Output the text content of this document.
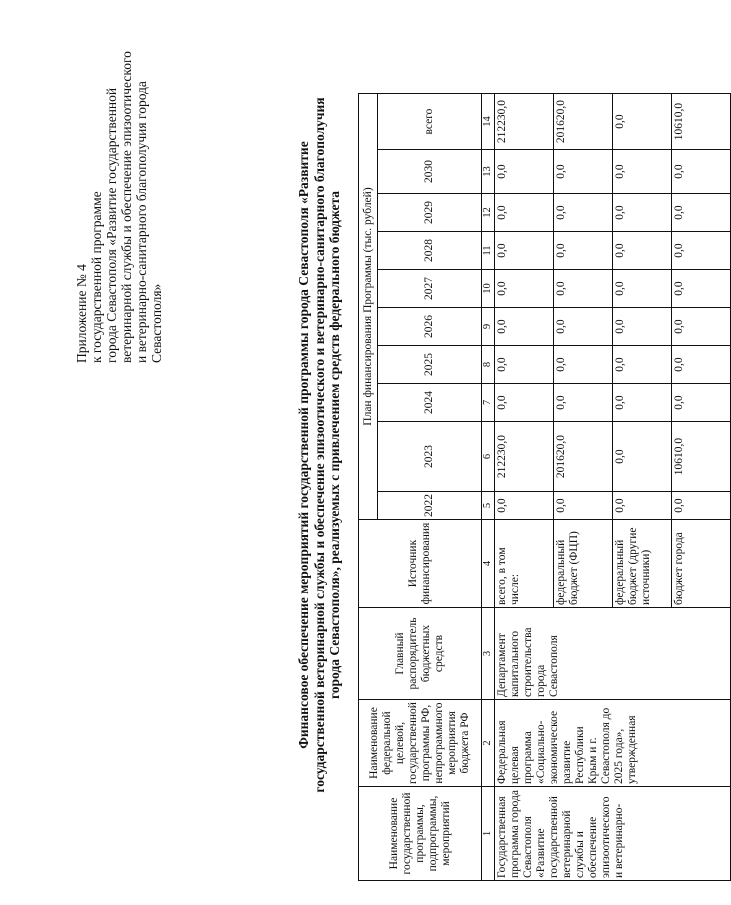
Приложение № 4 к государственной программе города Севастополя «Развитие государственной ветеринарной службы и обеспечение эпизоотического и ветеринарно-санитарного благополучия города Севастополя»	Финансовое обеспечение мероприятий государственной программы города Севастополя «Развитие государственной ветеринарной службы и обеспечение эпизоотического и ветеринарно-санитарного благополучия города Севастополя», реализуемых с привлечением средств федерального бюджета
Наименование государственной программы, подпрограммы, мероприятий	Наименование федеральной целевой, государственной программы РФ, непрограммного мероприятия бюджета РФ	Главный распорядитель бюджетных средств	Источник финансирования	План финансирования Программы (тыс. рублей)									
				2022	2023	2024	2025	2026	2027	2028	2029	2030	всего
1	2	3	4	5	6	7	8	9	10	11	12	13	14
Государственная программа города Севастополя «Развитие государственной ветеринарной службы и обеспечение эпизоотического и ветеринарно-	Федеральная целевая программа «Социально-экономическое развитие Республики Крым и г. Севастополя до 2025 года», утвержденная	Департамент капитального строительства города Севастополя	всего, в том числе:	0,0	212230,0	0,0	0,0	0,0	0,0	0,0	0,0	0,0	212230,0
			федеральный бюджет (ФЦП)	0,0	201620,0	0,0	0,0	0,0	0,0	0,0	0,0	0,0	201620,0
			федеральный бюджет (другие источники)	0,0	0,0	0,0	0,0	0,0	0,0	0,0	0,0	0,0	0,0
			бюджет города	0,0	10610,0	0,0	0,0	0,0	0,0	0,0	0,0	0,0	10610,0
